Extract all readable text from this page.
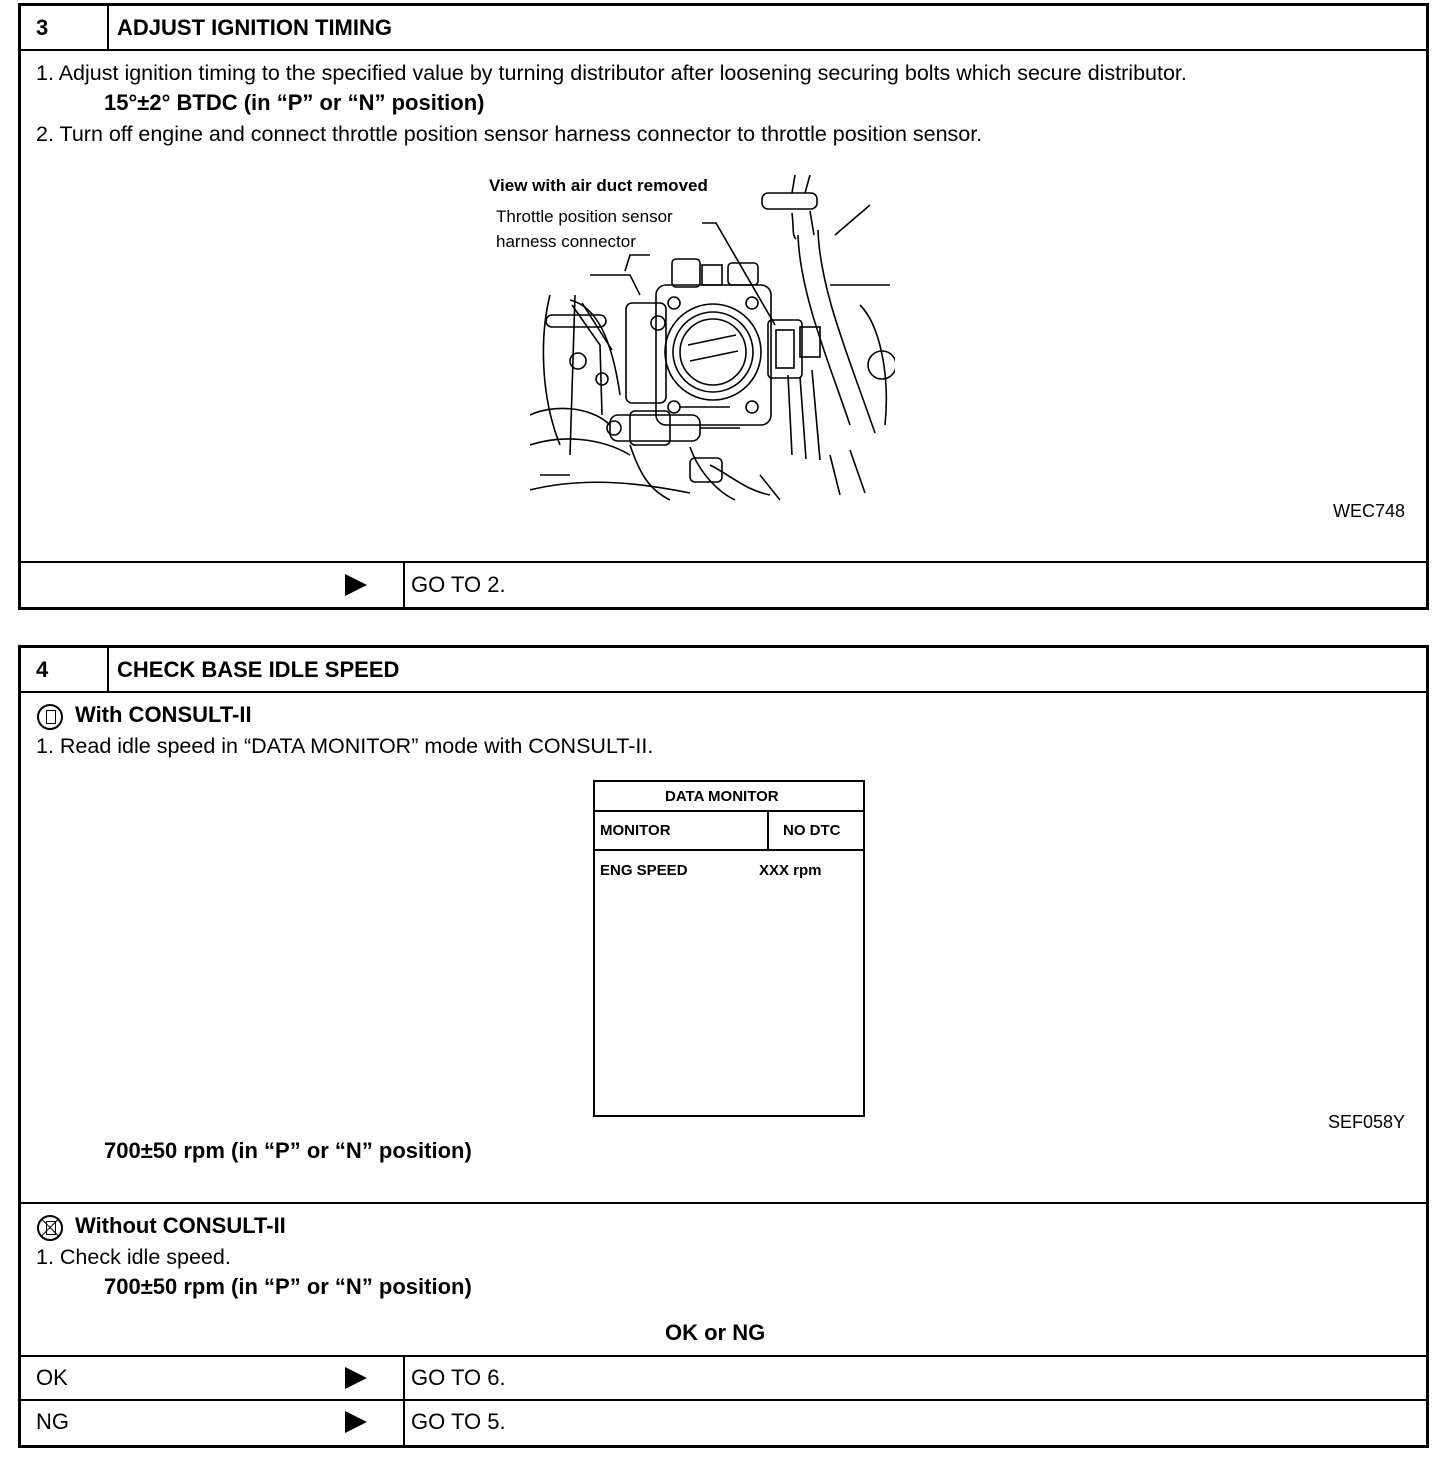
3	ADJUST IGNITION TIMING
1. Adjust ignition timing to the specified value by turning distributor after loosening securing bolts which secure distributor.
15°±2° BTDC (in “P” or “N” position)
2. Turn off engine and connect throttle position sensor harness connector to throttle position sensor.
View with air duct removed
Throttle position sensor
harness connector
WEC748
GO TO 2.
4	CHECK BASE IDLE SPEED
With CONSULT-II
1. Read idle speed in “DATA MONITOR” mode with CONSULT-II.
DATA MONITOR
MONITOR	NO DTC
ENG SPEED	XXX rpm
SEF058Y
700±50 rpm (in “P” or “N” position)
Without CONSULT-II
1. Check idle speed.
700±50 rpm (in “P” or “N” position)
OK or NG
OK	GO TO 6.
NG	GO TO 5.
